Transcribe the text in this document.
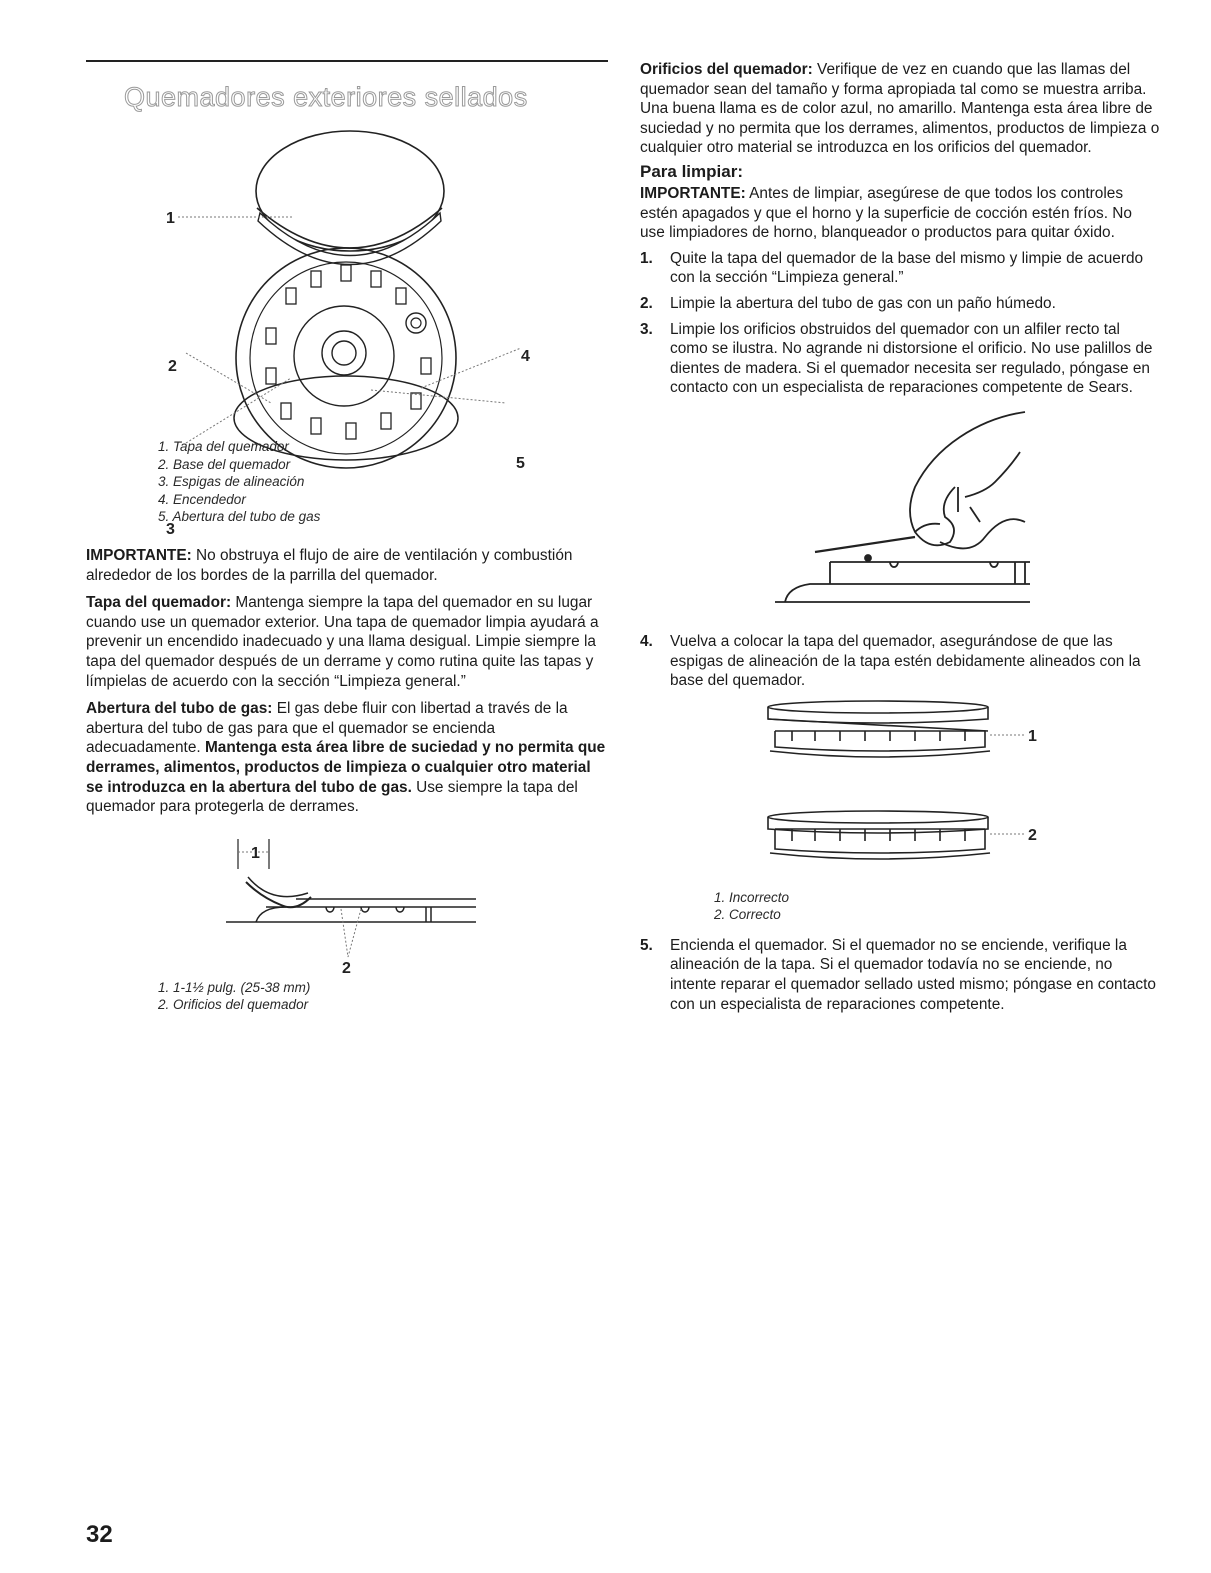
Quemadores exteriores sellados
1
2
3
4
5
1. Tapa del quemador
2. Base del quemador
3. Espigas de alineación
4. Encendedor
5. Abertura del tubo de gas

IMPORTANTE: No obstruya el flujo de aire de ventilación y combustión alrededor de los bordes de la parrilla del quemador.

Tapa del quemador: Mantenga siempre la tapa del quemador en su lugar cuando use un quemador exterior. Una tapa de quemador limpia ayudará a prevenir un encendido inadecuado y una llama desigual. Limpie siempre la tapa del quemador después de un derrame y como rutina quite las tapas y límpielas de acuerdo con la sección “Limpieza general.”

Abertura del tubo de gas: El gas debe fluir con libertad a través de la abertura del tubo de gas para que el quemador se encienda adecuadamente. Mantenga esta área libre de suciedad y no permita que derrames, alimentos, productos de limpieza o cualquier otro material se introduzca en la abertura del tubo de gas. Use siempre la tapa del quemador para protegerla de derrames.

1
2
1. 1-1½ pulg. (25-38 mm)
2. Orificios del quemador

Orificios del quemador: Verifique de vez en cuando que las llamas del quemador sean del tamaño y forma apropiada tal como se muestra arriba. Una buena llama es de color azul, no amarillo. Mantenga esta área libre de suciedad y no permita que los derrames, alimentos, productos de limpieza o cualquier otro material se introduzca en los orificios del quemador.

Para limpiar:

IMPORTANTE: Antes de limpiar, asegúrese de que todos los controles estén apagados y que el horno y la superficie de cocción estén fríos. No use limpiadores de horno, blanqueador o productos para quitar óxido.

1. Quite la tapa del quemador de la base del mismo y limpie de acuerdo con la sección “Limpieza general.”
2. Limpie la abertura del tubo de gas con un paño húmedo.
3. Limpie los orificios obstruidos del quemador con un alfiler recto tal como se ilustra. No agrande ni distorsione el orificio. No use palillos de dientes de madera. Si el quemador necesita ser regulado, póngase en contacto con un especialista de reparaciones competente de Sears.
4. Vuelva a colocar la tapa del quemador, asegurándose de que las espigas de alineación de la tapa estén debidamente alineados con la base del quemador.
1
2
1. Incorrecto
2. Correcto
5. Encienda el quemador. Si el quemador no se enciende, verifique la alineación de la tapa. Si el quemador todavía no se enciende, no intente reparar el quemador sellado usted mismo; póngase en contacto con un especialista de reparaciones competente.
32
